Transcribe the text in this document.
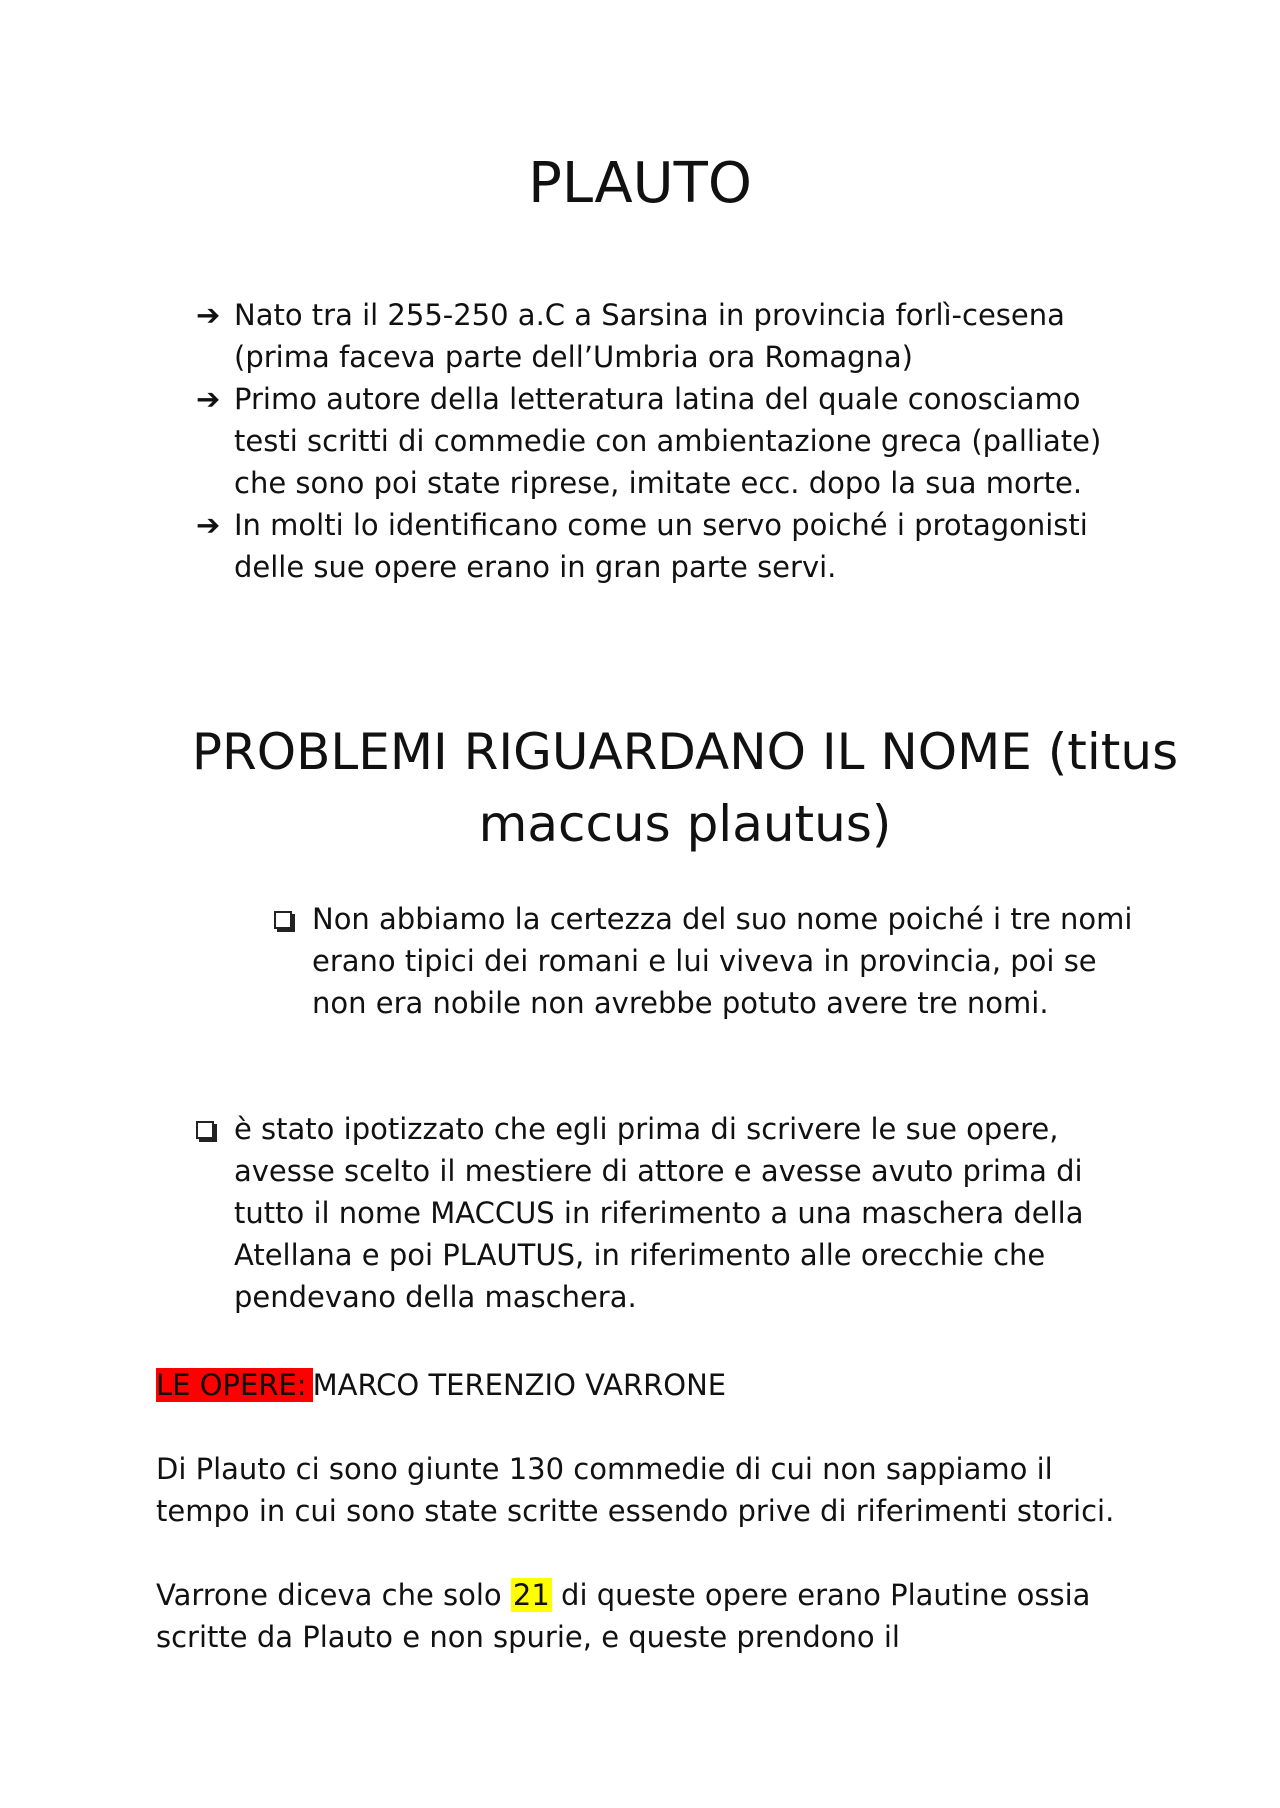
PLAUTO
➔ Nato tra il 255-250 a.C a Sarsina in provincia forlì-cesena (prima faceva parte dell’Umbria ora Romagna)
➔ Primo autore della letteratura latina del quale conosciamo testi scritti di commedie con ambientazione greca (palliate) che sono poi state riprese, imitate ecc. dopo la sua morte.
➔ In molti lo identificano come un servo poiché i protagonisti delle sue opere erano in gran parte servi.
PROBLEMI RIGUARDANO IL NOME (titus maccus plautus)
Non abbiamo la certezza del suo nome poiché i tre nomi erano tipici dei romani e lui viveva in provincia, poi se non era nobile non avrebbe potuto avere tre nomi.
è stato ipotizzato che egli prima di scrivere le sue opere, avesse scelto il mestiere di attore e avesse avuto prima di tutto il nome MACCUS in riferimento a una maschera della Atellana e poi PLAUTUS, in riferimento alle orecchie che pendevano della maschera.
LE OPERE: MARCO TERENZIO VARRONE
Di Plauto ci sono giunte 130 commedie di cui non sappiamo il tempo in cui sono state scritte essendo prive di riferimenti storici.
Varrone diceva che solo 21 di queste opere erano Plautine ossia scritte da Plauto e non spurie, e queste prendono il
